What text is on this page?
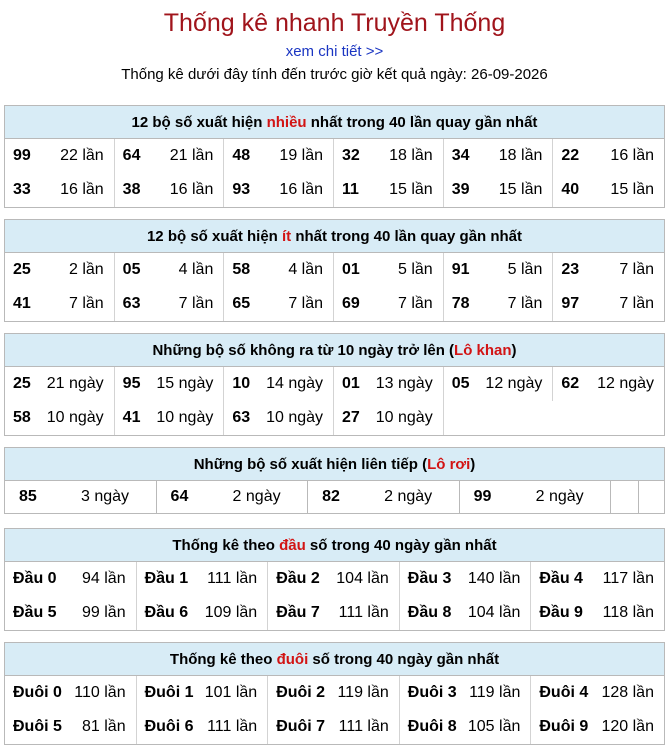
Thống kê nhanh Truyền Thống
xem chi tiết >>
Thống kê dưới đây tính đến trước giờ kết quả ngày: 26-09-2026
12 bộ số xuất hiện nhiều nhất trong 40 lần quay gần nhất
99 22 lần 64 21 lần 48 19 lần 32 18 lần 34 18 lần 22 16 lần
33 16 lần 38 16 lần 93 16 lần 11 15 lần 39 15 lần 40 15 lần
12 bộ số xuất hiện ít nhất trong 40 lần quay gần nhất
25 2 lần 05 4 lần 58 4 lần 01 5 lần 91 5 lần 23	7 lần
41 7 lần 63 7 lần 65 7 lần 69 7 lần 78 7 lần 97	7 lần
Những bộ số không ra từ 10 ngày trở lên (Lô khan)
25 21 ngày 95 15 ngày 10 14 ngày 01 13 ngày 05 12 ngày 62 12 ngày
58 10 ngày 41 10 ngày 63 10 ngày 27 10 ngày
Những bộ số xuất hiện liên tiếp (Lô rơi)
85	3 ngày	64	2 ngày	82	2 ngày	99	2 ngày
Thống kê theo đầu số trong 40 ngày gần nhất
Đầu 0 94 lần Đầu 1 111 lần Đầu 2 104 lần Đầu 3 140 lần Đầu 4 117 lần
Đầu 5 99 lần Đầu 6 109 lần Đầu 7 111 lần Đầu 8 104 lần Đầu 9 118 lần
Thống kê theo đuôi số trong 40 ngày gần nhất
Đuôi 0 110 lần Đuôi 1 101 lần Đuôi 2 119 lần Đuôi 3 119 lần Đuôi 4 128 lần
Đuôi 5 81 lần Đuôi 6 111 lần Đuôi 7 111 lần Đuôi 8 105 lần Đuôi 9 120 lần
